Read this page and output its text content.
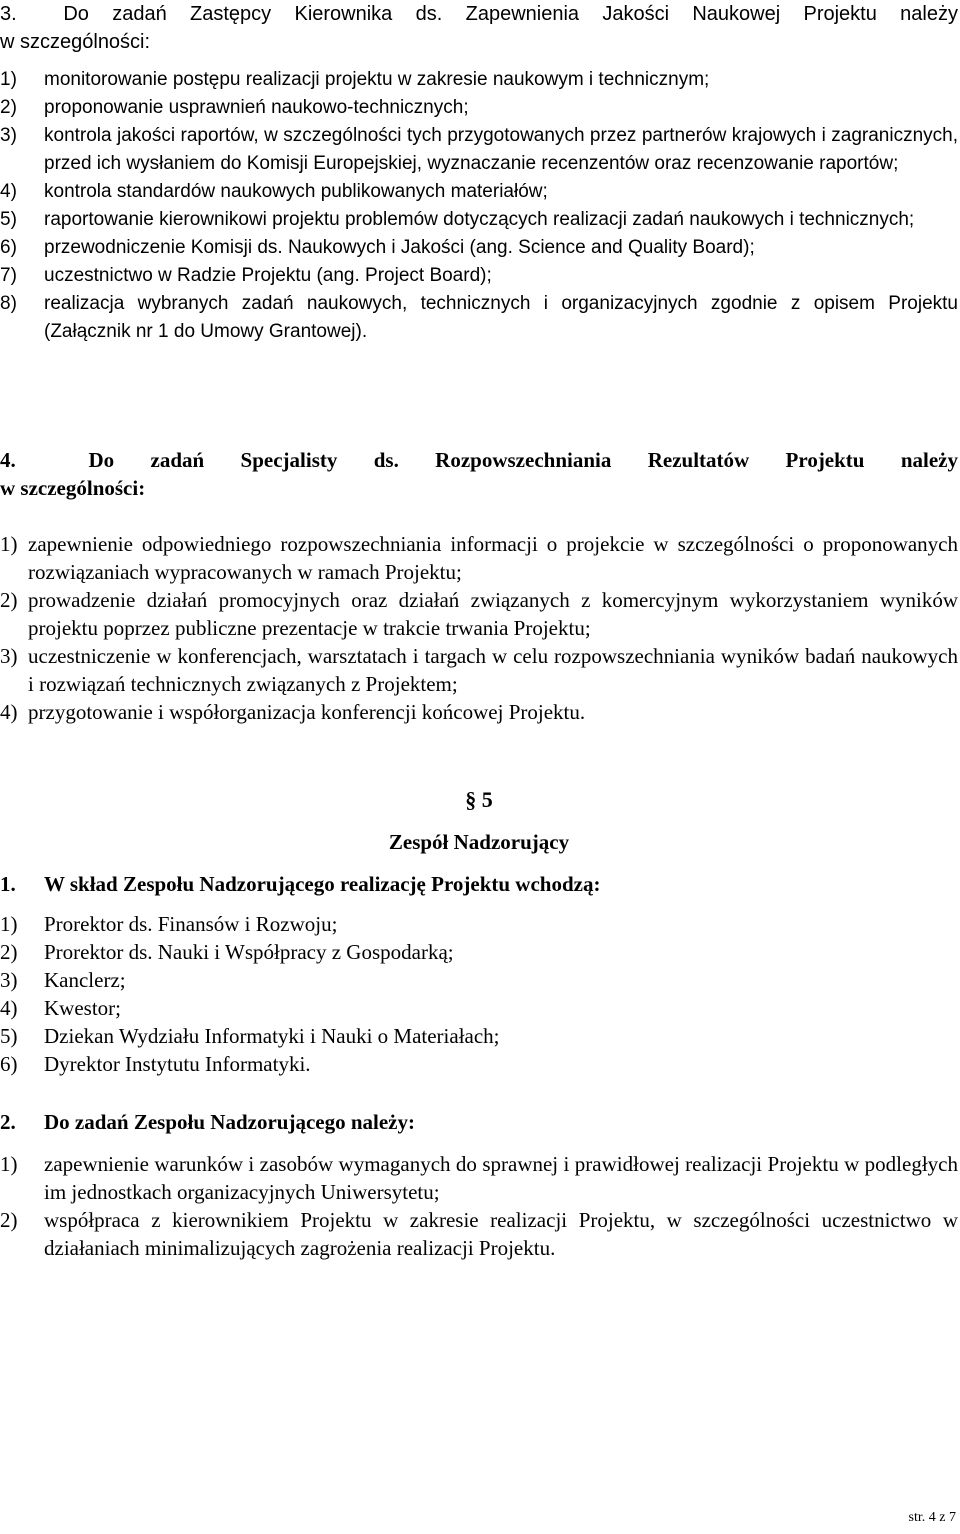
3. Do zadań Zastępcy Kierownika ds. Zapewnienia Jakości Naukowej Projektu należy
w szczególności:
1) monitorowanie postępu realizacji projektu w zakresie naukowym i technicznym;
2) proponowanie usprawnień naukowo-technicznych;
3) kontrola jakości raportów, w szczególności tych przygotowanych przez partnerów krajowych i zagranicznych, przed ich wysłaniem do Komisji Europejskiej, wyznaczanie recenzentów oraz recenzowanie raportów;
4) kontrola standardów naukowych publikowanych materiałów;
5) raportowanie kierownikowi projektu problemów dotyczących realizacji zadań naukowych i technicznych;
6) przewodniczenie Komisji ds. Naukowych i Jakości (ang. Science and Quality Board);
7) uczestnictwo w Radzie Projektu (ang. Project Board);
8) realizacja wybranych zadań naukowych, technicznych i organizacyjnych zgodnie z opisem Projektu (Załącznik nr 1 do Umowy Grantowej).
4.	Do zadań Specjalisty ds. Rozpowszechniania Rezultatów Projektu należy
w szczególności:
1) zapewnienie odpowiedniego rozpowszechniania informacji o projekcie w szczególności o proponowanych rozwiązaniach wypracowanych w ramach Projektu;
2) prowadzenie działań promocyjnych oraz działań związanych z komercyjnym wykorzystaniem wyników projektu poprzez publiczne prezentacje w trakcie trwania Projektu;
3) uczestniczenie w konferencjach, warsztatach i targach w celu rozpowszechniania wyników badań naukowych i rozwiązań technicznych związanych z Projektem;
4) przygotowanie i współorganizacja konferencji końcowej Projektu.
§ 5
Zespół Nadzorujący
1. W skład Zespołu Nadzorującego realizację Projektu wchodzą:
1) Prorektor ds. Finansów i Rozwoju;
2) Prorektor ds. Nauki i Współpracy z Gospodarką;
3) Kanclerz;
4) Kwestor;
5) Dziekan Wydziału Informatyki i Nauki o Materiałach;
6) Dyrektor Instytutu Informatyki.
2. Do zadań Zespołu Nadzorującego należy:
1) zapewnienie warunków i zasobów wymaganych do sprawnej i prawidłowej realizacji Projektu w podległych im jednostkach organizacyjnych Uniwersytetu;
2) współpraca z kierownikiem Projektu w zakresie realizacji Projektu, w szczególności uczestnictwo w działaniach minimalizujących zagrożenia realizacji Projektu.
str. 4 z 7
